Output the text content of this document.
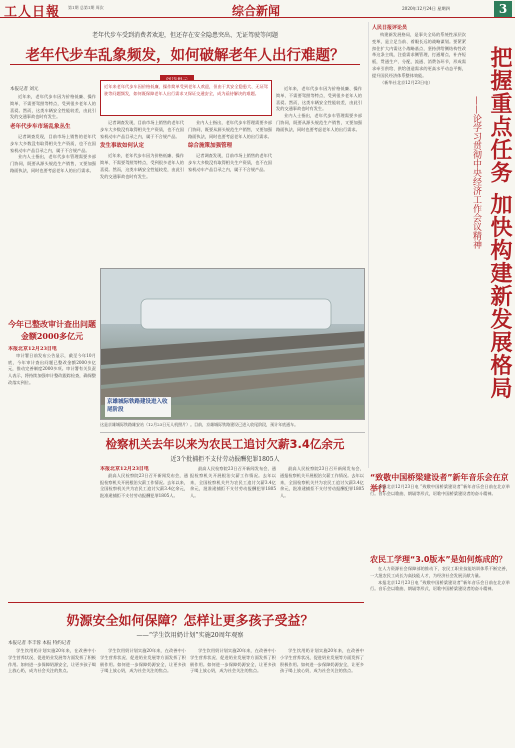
工人日報 第1期 总第1期 周次	综合新闻	2020年12月24日 星期四	3
老年代步车受到消费者欢迎，但还存在安全隐患突出、无证驾驶等问题
老年代步车乱象频发，如何破解老年人出行难题？
本报记者 刘元

近年来，老年代步车因为价格低廉、操作简单、不需要驾照等特点，受到很多老年人的喜爱。然而，这类车辆安全性能较差，由此引发的交通事故也时有发生。

老年代步车市场乱象丛生

记者调查发现，目前市场上销售的老年代步车大多数没有取得相关生产资质，也不在国家机动车产品目录之内，属于不合规产品。

业内人士指出，老年代步车管理需要多部门协同，既要从源头规范生产销售，又要加强路面执法，同时也要考虑老年人的出行需求。

近年来老年代步车因价格低廉、操作简单受到老年人欢迎，但由于其安全隐患大、无证驾驶等问题频发，如何既保障老年人出行需求又保证交通安全，成为亟待解决的难题。

记者调查发现，目前市场上销售的老年代步车大多数没有取得相关生产资质，也不在国家机动车产品目录之内，属于不合规产品。

发生事故如何认定

近年来，老年代步车因为价格低廉、操作简单、不需要驾照等特点，受到很多老年人的喜爱。然而，这类车辆安全性能较差，由此引发的交通事故也时有发生。

业内人士指出，老年代步车管理需要多部门协同，既要从源头规范生产销售，又要加强路面执法，同时也要考虑老年人的出行需求。

综合施策加强管理

记者调查发现，目前市场上销售的老年代步车大多数没有取得相关生产资质，也不在国家机动车产品目录之内，属于不合规产品。

近年来，老年代步车因为价格低廉、操作简单、不需要驾照等特点，受到很多老年人的喜爱。然而，这类车辆安全性能较差，由此引发的交通事故也时有发生。

业内人士指出，老年代步车管理需要多部门协同，既要从源头规范生产销售，又要加强路面执法，同时也要考虑老年人的出行需求。

今年已整改审计查出问题金额2000多亿元
本报北京12月23日电

审计署日前发布公告显示，截至今年10月底，今年审计查出问题已整改金额2000多亿元，推动完善制度2000多项。审计署有关负责人表示，将持续加强审计整改跟踪检查，确保整改落实到位。

人民日报评论员

构建新发展格局，是事关全局的系统性深层次变革，是立足当前、着眼长远的战略谋划。要紧紧扣住扩大内需这个战略基点，坚持供给侧结构性改革这条主线，注重需求侧管理，打通堵点，补齐短板，贯通生产、分配、流通、消费各环节，形成需求牵引供给、供给创造需求的更高水平动态平衡，提升国民经济体系整体效能。

（新华社北京12月23日电）	把握重点任务 加快构建新发展格局
——论学习贯彻中央经济工作会议精神
京雄城际铁路建设进入收尾阶段
这是京雄城际铁路雄安站（12月23日无人机照片）。目前，京雄城际铁路建设已进入收尾阶段，预计年底通车。
检察机关去年以来为农民工追讨欠薪3.4亿余元
近3个批捕拒不支付劳动报酬犯罪1805人
本报北京12月23日电

最高人民检察院23日召开新闻发布会，通报检察机关开展根治欠薪工作情况。去年以来，全国检察机关共为农民工追讨欠薪3.4亿余元，批准逮捕拒不支付劳动报酬犯罪1805人。

最高人民检察院23日召开新闻发布会，通报检察机关开展根治欠薪工作情况。去年以来，全国检察机关共为农民工追讨欠薪3.4亿余元，批准逮捕拒不支付劳动报酬犯罪1805人。

最高人民检察院23日召开新闻发布会，通报检察机关开展根治欠薪工作情况。去年以来，全国检察机关共为农民工追讨欠薪3.4亿余元，批准逮捕拒不支付劳动报酬犯罪1805人。

“致敬中国桥梁建设者”新年音乐会在京举行

本报北京12月23日电 “致敬中国桥梁建设者”新年音乐会日前在北京举行。音乐会以歌曲、朗诵等形式，讴歌中国桥梁建设者的奋斗精神。

农民工学理“3.0版本”是如何炼成的？

在人力资源社会保障部的推动下，农民工职业技能培训体系不断完善，一大批农民工成长为高技能人才，为经济社会发展贡献力量。

本报北京12月23日电 “致敬中国桥梁建设者”新年音乐会日前在北京举行。音乐会以歌曲、朗诵等形式，讴歌中国桥梁建设者的奋斗精神。

奶源安全如何保障？怎样让更多孩子受益？
——“学生饮用奶计划”实施20周年观察
本报记者 李丰蓉 本报 特约记者

学生饮用奶计划实施20年来，在改善中小学生营养状况、促进奶业发展等方面发挥了积极作用。如何进一步保障奶源安全，让更多孩子喝上放心奶，成为社会关注的焦点。

学生饮用奶计划实施20年来，在改善中小学生营养状况、促进奶业发展等方面发挥了积极作用。如何进一步保障奶源安全，让更多孩子喝上放心奶，成为社会关注的焦点。

学生饮用奶计划实施20年来，在改善中小学生营养状况、促进奶业发展等方面发挥了积极作用。如何进一步保障奶源安全，让更多孩子喝上放心奶，成为社会关注的焦点。

学生饮用奶计划实施20年来，在改善中小学生营养状况、促进奶业发展等方面发挥了积极作用。如何进一步保障奶源安全，让更多孩子喝上放心奶，成为社会关注的焦点。
